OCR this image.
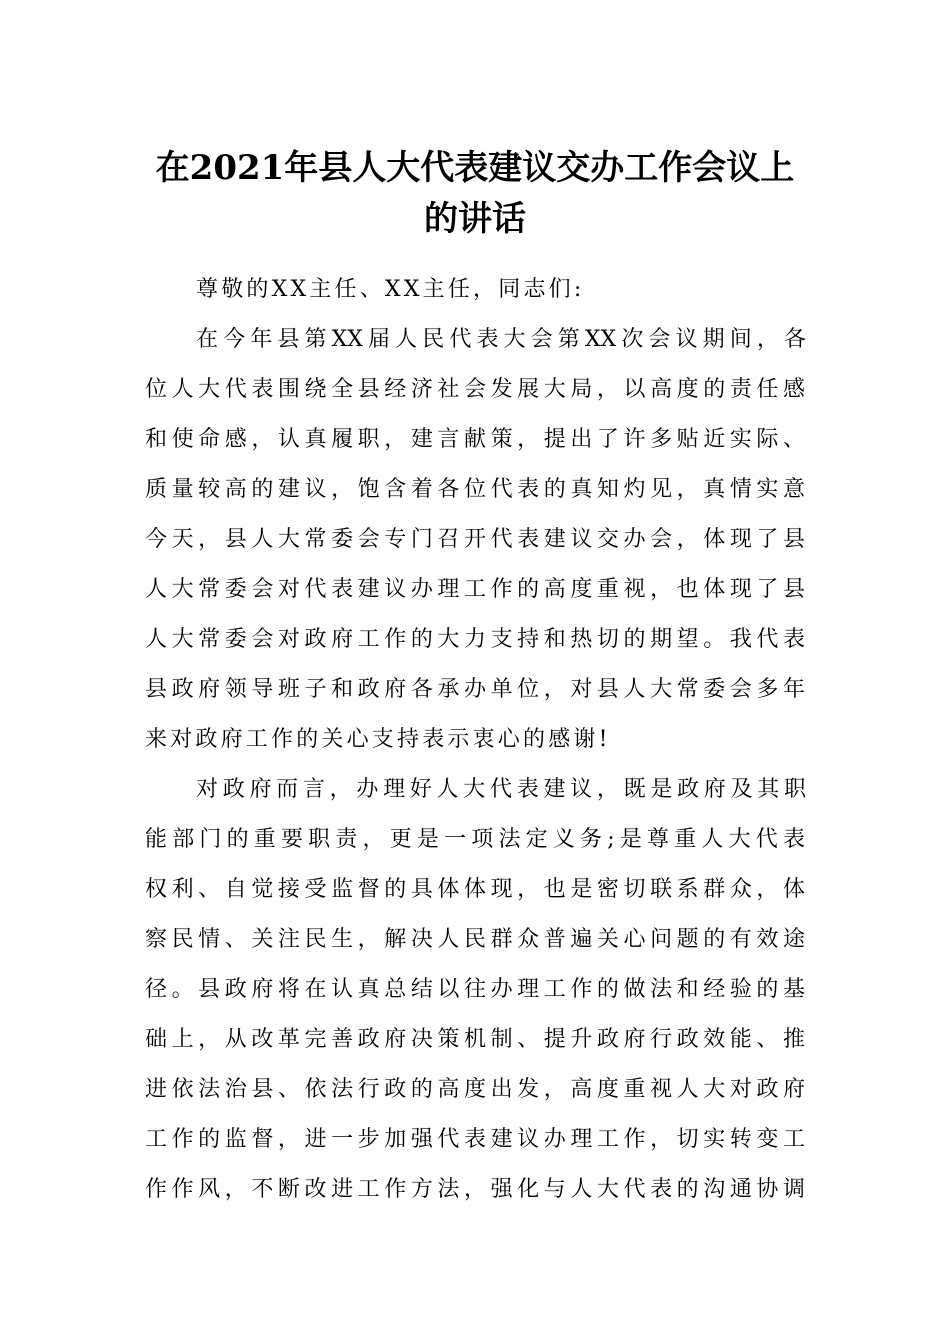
在2021年县人大代表建议交办工作会议上
的讲话
尊敬的XX主任、XX主任，同志们:
在今年县第XX届人民代表大会第XX次会议期间，各
位人大代表围绕全县经济社会发展大局，以高度的责任感
和使命感，认真履职，建言献策，提出了许多贴近实际、
质量较高的建议，饱含着各位代表的真知灼见，真情实意
今天，县人大常委会专门召开代表建议交办会，体现了县
人大常委会对代表建议办理工作的高度重视，也体现了县
人大常委会对政府工作的大力支持和热切的期望。我代表
县政府领导班子和政府各承办单位，对县人大常委会多年
来对政府工作的关心支持表示衷心的感谢!
对政府而言，办理好人大代表建议，既是政府及其职
能部门的重要职责，更是一项法定义务;是尊重人大代表
权利、自觉接受监督的具体体现，也是密切联系群众，体
察民情、关注民生，解决人民群众普遍关心问题的有效途
径。县政府将在认真总结以往办理工作的做法和经验的基
础上，从改革完善政府决策机制、提升政府行政效能、推
进依法治县、依法行政的高度出发，高度重视人大对政府
工作的监督，进一步加强代表建议办理工作，切实转变工
作作风，不断改进工作方法，强化与人大代表的沟通协调
